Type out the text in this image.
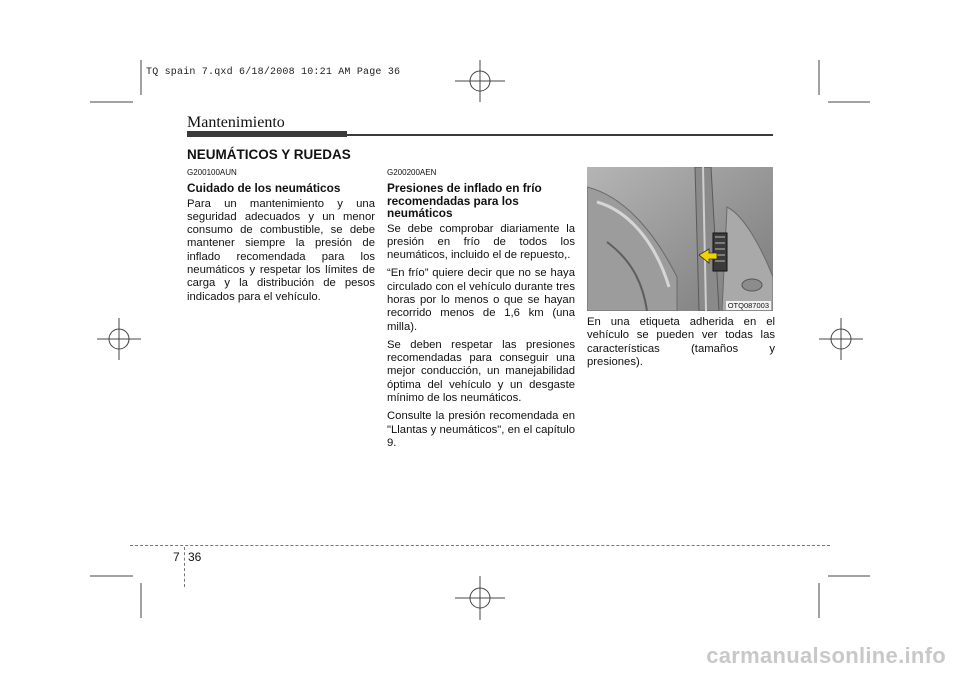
TQ spain 7.qxd 6/18/2008 10:21 AM Page 36
Mantenimiento
NEUMÁTICOS Y RUEDAS
G200100AUN
Cuidado de los neumáticos

Para un mantenimiento y una seguridad adecuados y un menor consumo de combustible, se debe mantener siempre la presión de inflado recomendada para los neumáticos y respetar los límites de carga y la distribución de pesos indicados para el vehículo.

G200200AEN
Presiones de inflado en frío recomendadas para los neumáticos

Se debe comprobar diariamente la presión en frío de todos los neumáticos, incluido el de repuesto,.

“En frío” quiere decir que no se haya circulado con el vehículo durante tres horas por lo menos o que se hayan recorrido menos de 1,6 km (una milla).

Se deben respetar las presiones recomendadas para conseguir una mejor conducción, un manejabilidad óptima del vehículo y un desgaste mínimo de los neumáticos.

Consulte la presión recomendada en "Llantas y neumáticos", en el capítulo 9.

OTQ087003

En una etiqueta adherida en el vehículo se pueden ver todas las características (tamaños y presiones).

7 36
carmanualsonline.info
